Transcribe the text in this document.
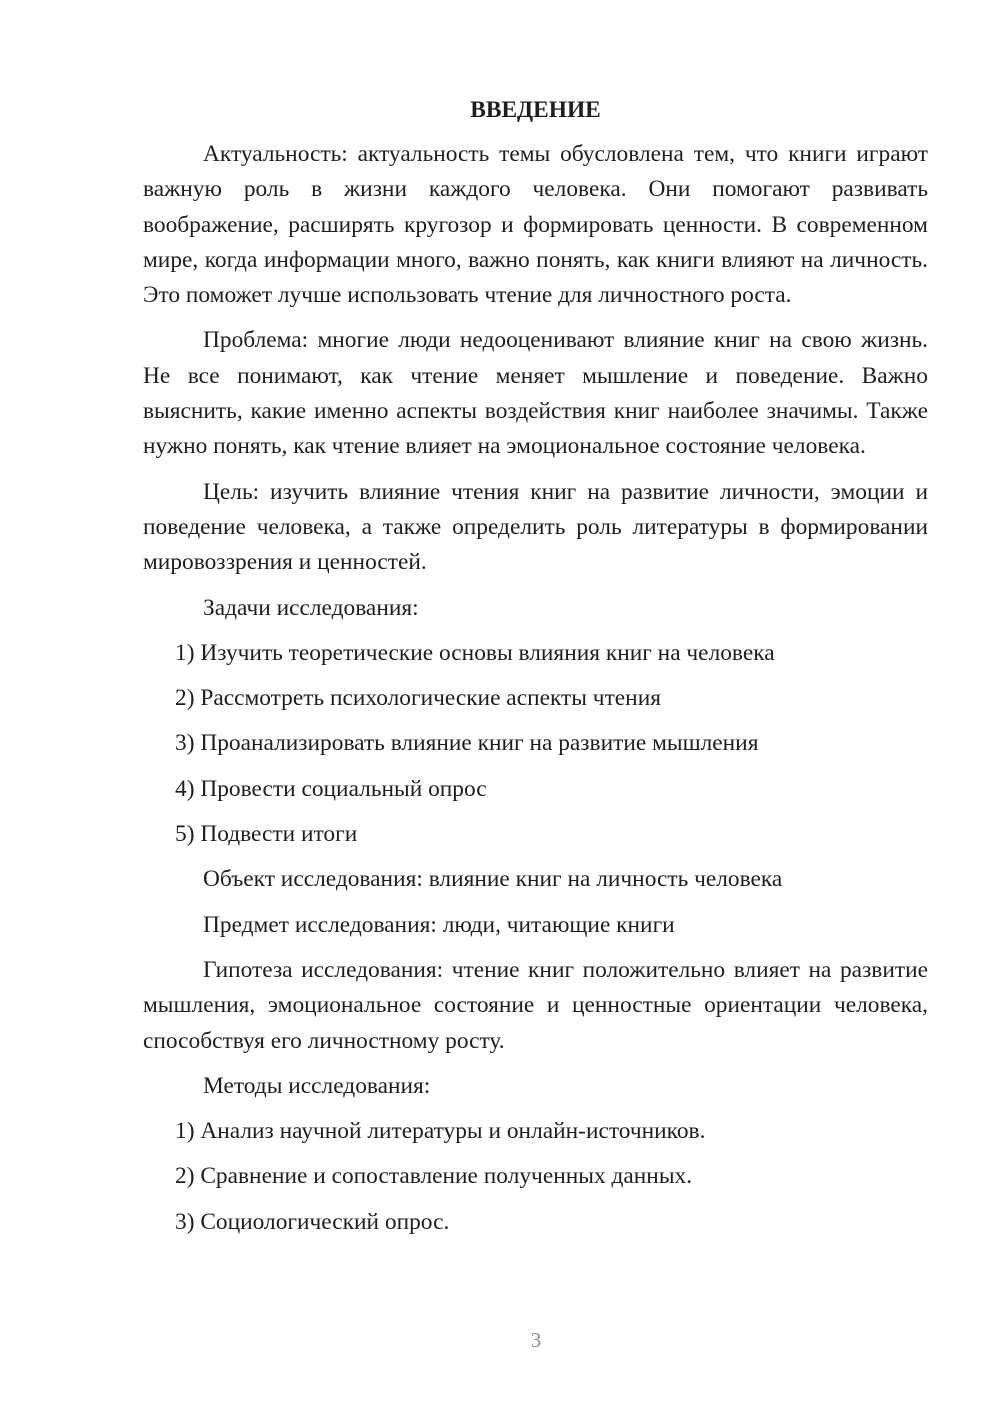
ВВЕДЕНИЕ

Актуальность: актуальность темы обусловлена тем, что книги играют важную роль в жизни каждого человека. Они помогают развивать воображение, расширять кругозор и формировать ценности. В современном мире, когда информации много, важно понять, как книги влияют на личность. Это поможет лучше использовать чтение для личностного роста.

Проблема: многие люди недооценивают влияние книг на свою жизнь. Не все понимают, как чтение меняет мышление и поведение. Важно выяснить, какие именно аспекты воздействия книг наиболее значимы. Также нужно понять, как чтение влияет на эмоциональное состояние человека.

Цель: изучить влияние чтения книг на развитие личности, эмоции и поведение человека, а также определить роль литературы в формировании мировоззрения и ценностей.

Задачи исследования:
1) Изучить теоретические основы влияния книг на человека
2) Рассмотреть психологические аспекты чтения
3) Проанализировать влияние книг на развитие мышления
4) Провести социальный опрос
5) Подвести итоги
Объект исследования: влияние книг на личность человека
Предмет исследования: люди, читающие книги

Гипотеза исследования: чтение книг положительно влияет на развитие мышления, эмоциональное состояние и ценностные ориентации человека, способствуя его личностному росту.

Методы исследования:
1) Анализ научной литературы и онлайн-источников.
2) Сравнение и сопоставление полученных данных.
3) Социологический опрос.
3
